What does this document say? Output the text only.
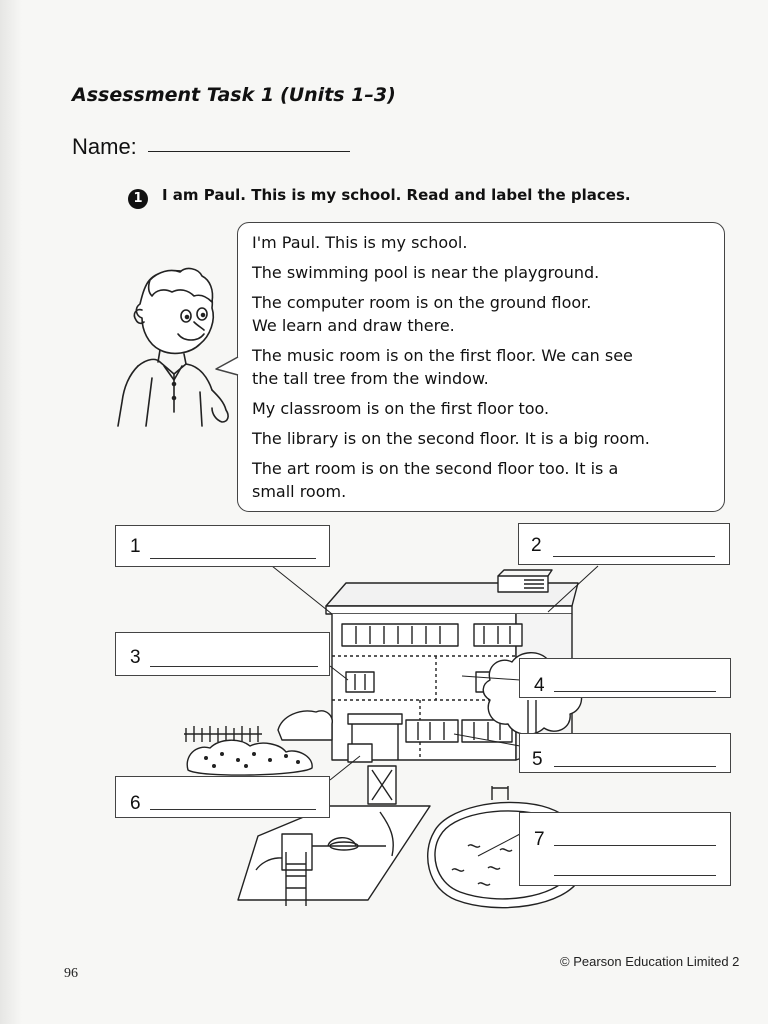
Assessment Task 1 (Units 1–3)
Name:
1	I am Paul. This is my school. Read and label the places.

I'm Paul. This is my school.

The swimming pool is near the playground.

The computer room is on the ground floor.

We learn and draw there.

The music room is on the first floor. We can see

the tall tree from the window.

My classroom is on the first floor too.

The library is on the second floor. It is a big room.

The art room is on the second floor too. It is a

small room.

1	2
3
4
5
6
7
96
© Pearson Education Limited 2
